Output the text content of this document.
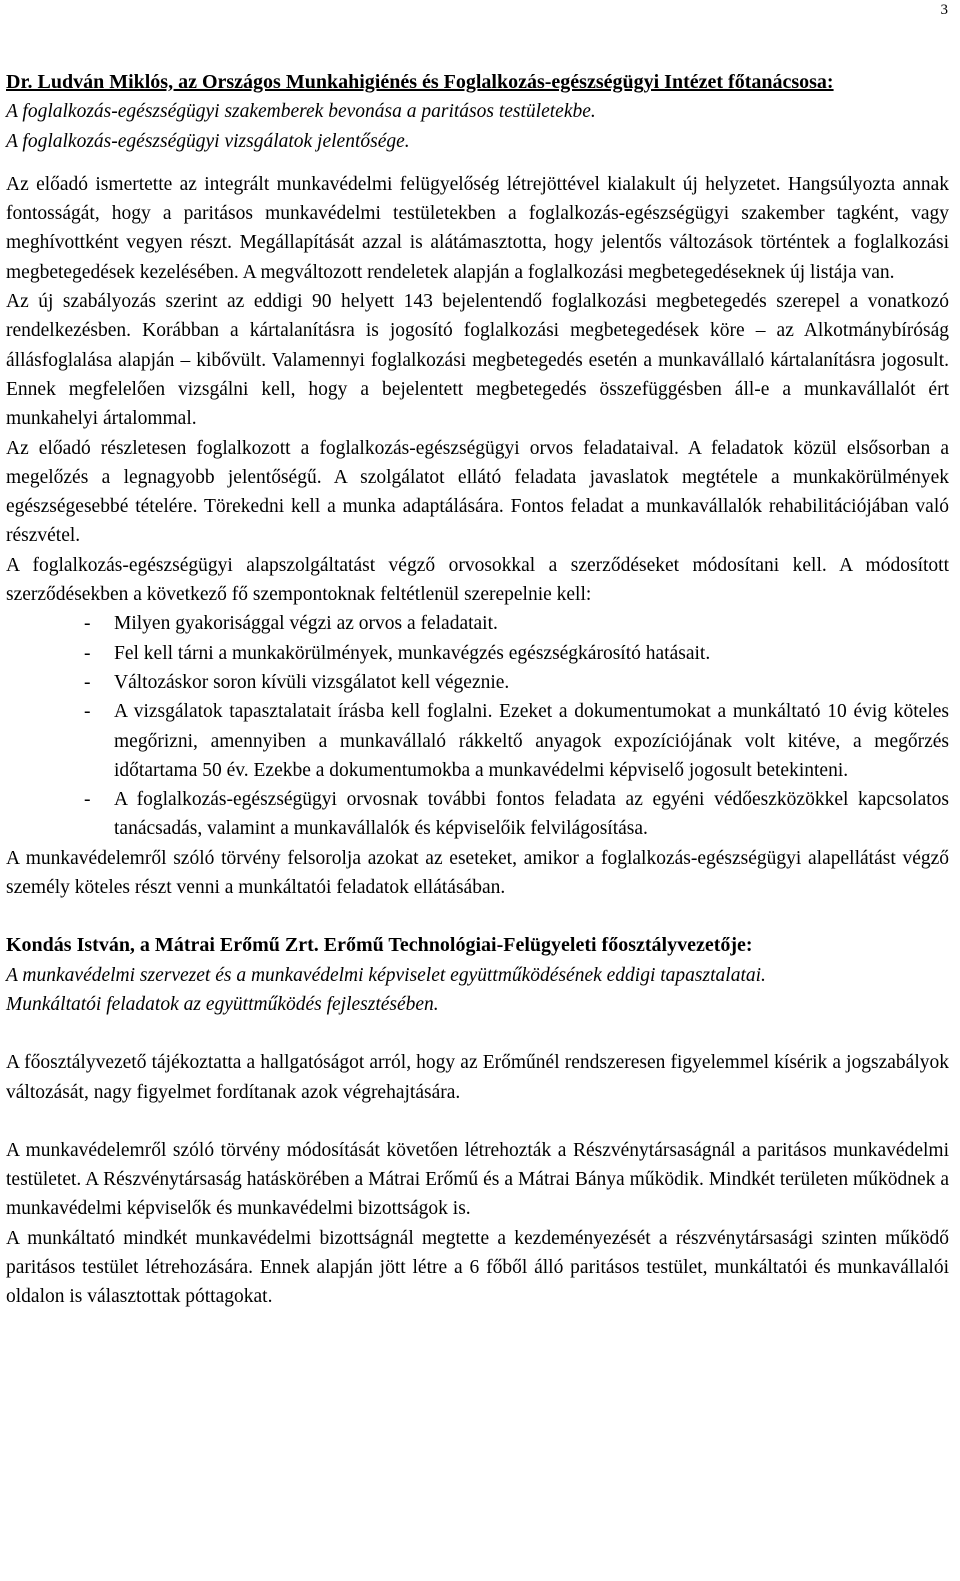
3

Dr. Ludván Miklós, az Országos Munkahigiénés és Foglalkozás-egészségügyi Intézet főtanácsosa:

A foglalkozás-egészségügyi szakemberek bevonása a paritásos testületekbe.

A foglalkozás-egészségügyi vizsgálatok jelentősége.

Az előadó ismertette az integrált munkavédelmi felügyelőség létrejöttével kialakult új helyzetet. Hangsúlyozta annak fontosságát, hogy a paritásos munkavédelmi testületekben a foglalkozás-egészségügyi szakember tagként, vagy meghívottként vegyen részt. Megállapítását azzal is alátámasztotta, hogy jelentős változások történtek a foglalkozási megbetegedések kezelésében. A megváltozott rendeletek alapján a foglalkozási megbetegedéseknek új listája van.

Az új szabályozás szerint az eddigi 90 helyett 143 bejelentendő foglalkozási megbetegedés szerepel a vonatkozó rendelkezésben. Korábban a kártalanításra is jogosító foglalkozási megbetegedések köre – az Alkotmánybíróság állásfoglalása alapján – kibővült. Valamennyi foglalkozási megbetegedés esetén a munkavállaló kártalanításra jogosult. Ennek megfelelően vizsgálni kell, hogy a bejelentett megbetegedés összefüggésben áll-e a munkavállalót ért munkahelyi ártalommal.

Az előadó részletesen foglalkozott a foglalkozás-egészségügyi orvos feladataival. A feladatok közül elsősorban a megelőzés a legnagyobb jelentőségű. A szolgálatot ellátó feladata javaslatok megtétele a munkakörülmények egészségesebbé tételére. Törekedni kell a munka adaptálására. Fontos feladat a munkavállalók rehabilitációjában való részvétel.

A foglalkozás-egészségügyi alapszolgáltatást végző orvosokkal a szerződéseket módosítani kell. A módosított szerződésekben a következő fő szempontoknak feltétlenül szerepelnie kell:

- Milyen gyakorisággal végzi az orvos a feladatait.
- Fel kell tárni a munkakörülmények, munkavégzés egészségkárosító hatásait.
- Változáskor soron kívüli vizsgálatot kell végeznie.
- A vizsgálatok tapasztalatait írásba kell foglalni. Ezeket a dokumentumokat a munkáltató 10 évig köteles megőrizni, amennyiben a munkavállaló rákkeltő anyagok expozíciójának volt kitéve, a megőrzés időtartama 50 év. Ezekbe a dokumentumokba a munkavédelmi képviselő jogosult betekinteni.
- A foglalkozás-egészségügyi orvosnak további fontos feladata az egyéni védőeszközökkel kapcsolatos tanácsadás, valamint a munkavállalók és képviselőik felvilágosítása.

A munkavédelemről szóló törvény felsorolja azokat az eseteket, amikor a foglalkozás-egészségügyi alapellátást végző személy köteles részt venni a munkáltatói feladatok ellátásában.

Kondás István, a Mátrai Erőmű Zrt. Erőmű Technológiai-Felügyeleti főosztályvezetője:

A munkavédelmi szervezet és a munkavédelmi képviselet együttműködésének eddigi tapasztalatai.

Munkáltatói feladatok az együttműködés fejlesztésében.

A főosztályvezető tájékoztatta a hallgatóságot arról, hogy az Erőműnél rendszeresen figyelemmel kísérik a jogszabályok változását, nagy figyelmet fordítanak azok végrehajtására.

A munkavédelemről szóló törvény módosítását követően létrehozták a Részvénytársaságnál a paritásos munkavédelmi testületet. A Részvénytársaság hatáskörében a Mátrai Erőmű és a Mátrai Bánya működik. Mindkét területen működnek a munkavédelmi képviselők és munkavédelmi bizottságok is.

A munkáltató mindkét munkavédelmi bizottságnál megtette a kezdeményezését a részvénytársasági szinten működő paritásos testület létrehozására. Ennek alapján jött létre a 6 főből álló paritásos testület, munkáltatói és munkavállalói oldalon is választottak póttagokat.
